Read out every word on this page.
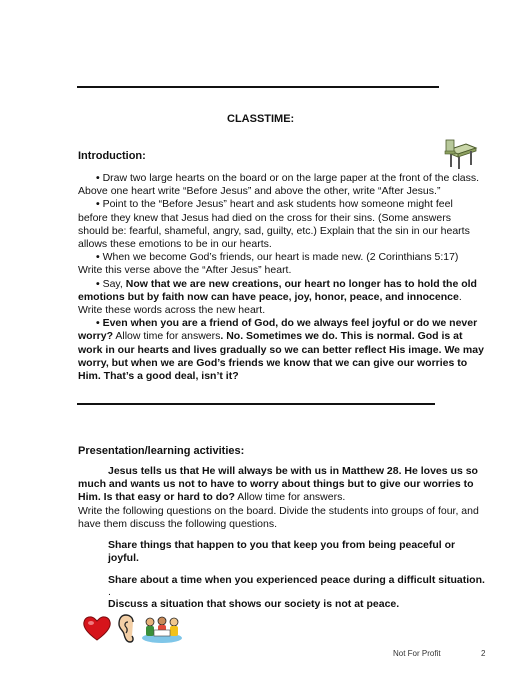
CLASSTIME:
Introduction:

• Draw two large hearts on the board or on the large paper at the front of the class. Above one heart write “Before Jesus” and above the other, write “After Jesus.”

• Point to the “Before Jesus” heart and ask students how someone might feel before they knew that Jesus had died on the cross for their sins. (Some answers should be: fearful, shameful, angry, sad, guilty, etc.) Explain that the sin in our hearts allows these emotions to be in our hearts.

• When we become God’s friends, our heart is made new. (2 Corinthians 5:17) Write this verse above the “After Jesus” heart.

• Say, Now that we are new creations, our heart no longer has to hold the old emotions but by faith now can have peace, joy, honor, peace, and innocence. Write these words across the new heart.

• Even when you are a friend of God, do we always feel joyful or do we never worry? Allow time for answers. No. Sometimes we do. This is normal. God is at work in our hearts and lives gradually so we can better reflect His image. We may worry, but when we are God’s friends we know that we can give our worries to Him. That’s a good deal, isn’t it?

Presentation/learning activities:

Jesus tells us that He will always be with us in Matthew 28. He loves us so much and wants us not to have to worry about things but to give our worries to Him. Is that easy or hard to do? Allow time for answers.

Write the following questions on the board. Divide the students into groups of four, and have them discuss the following questions.

Share things that happen to you that keep you from being peaceful or joyful.
Share about a time when you experienced peace during a difficult situation.
.
Discuss a situation that shows our society is not at peace.
Not For Profit	2
